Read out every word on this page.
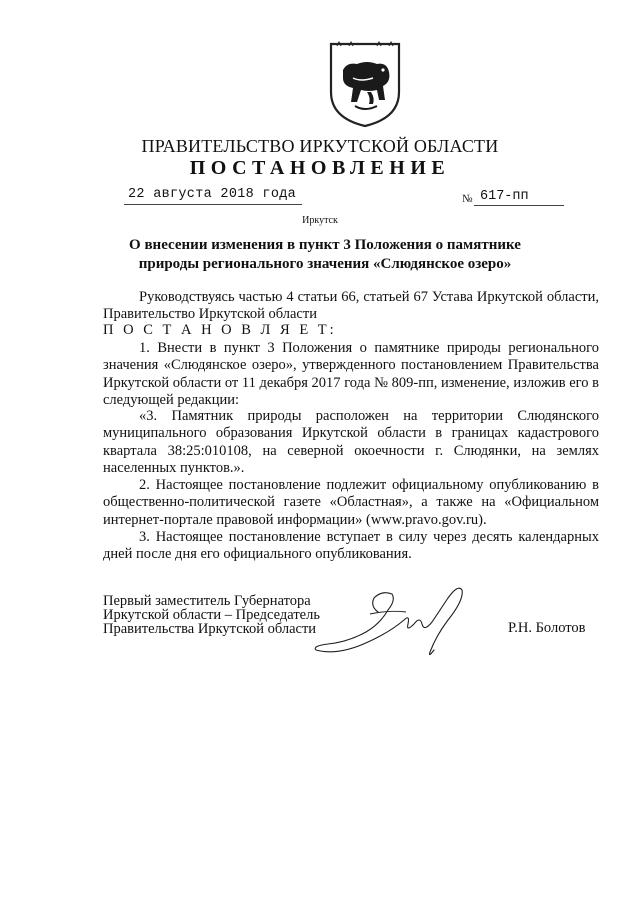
ПРАВИТЕЛЬСТВО ИРКУТСКОЙ ОБЛАСТИ
ПОСТАНОВЛЕНИЕ
22 августа 2018 года	№ 617-пп
Иркутск
О внесении изменения в пункт 3 Положения о памятнике природы регионального значения «Слюдянское озеро»
Руководствуясь частью 4 статьи 66, статьей 67 Устава Иркутской области, Правительство Иркутской области
П О С Т А Н О В Л Я Е Т:
1. Внести в пункт 3 Положения о памятнике природы регионального значения «Слюдянское озеро», утвержденного постановлением Правительства Иркутской области от 11 декабря 2017 года № 809-пп, изменение, изложив его в следующей редакции:
«3. Памятник природы расположен на территории Слюдянского муниципального образования Иркутской области в границах кадастрового квартала 38:25:010108, на северной окоечности г. Слюдянки, на землях населенных пунктов.».
2. Настоящее постановление подлежит официальному опубликованию в общественно-политической газете «Областная», а также на «Официальном интернет-портале правовой информации» (www.pravo.gov.ru).
3. Настоящее постановление вступает в силу через десять календарных дней после дня его официального опубликования.
Первый заместитель Губернатора
Иркутской области – Председатель
Правительства Иркутской области	Р.Н. Болотов
